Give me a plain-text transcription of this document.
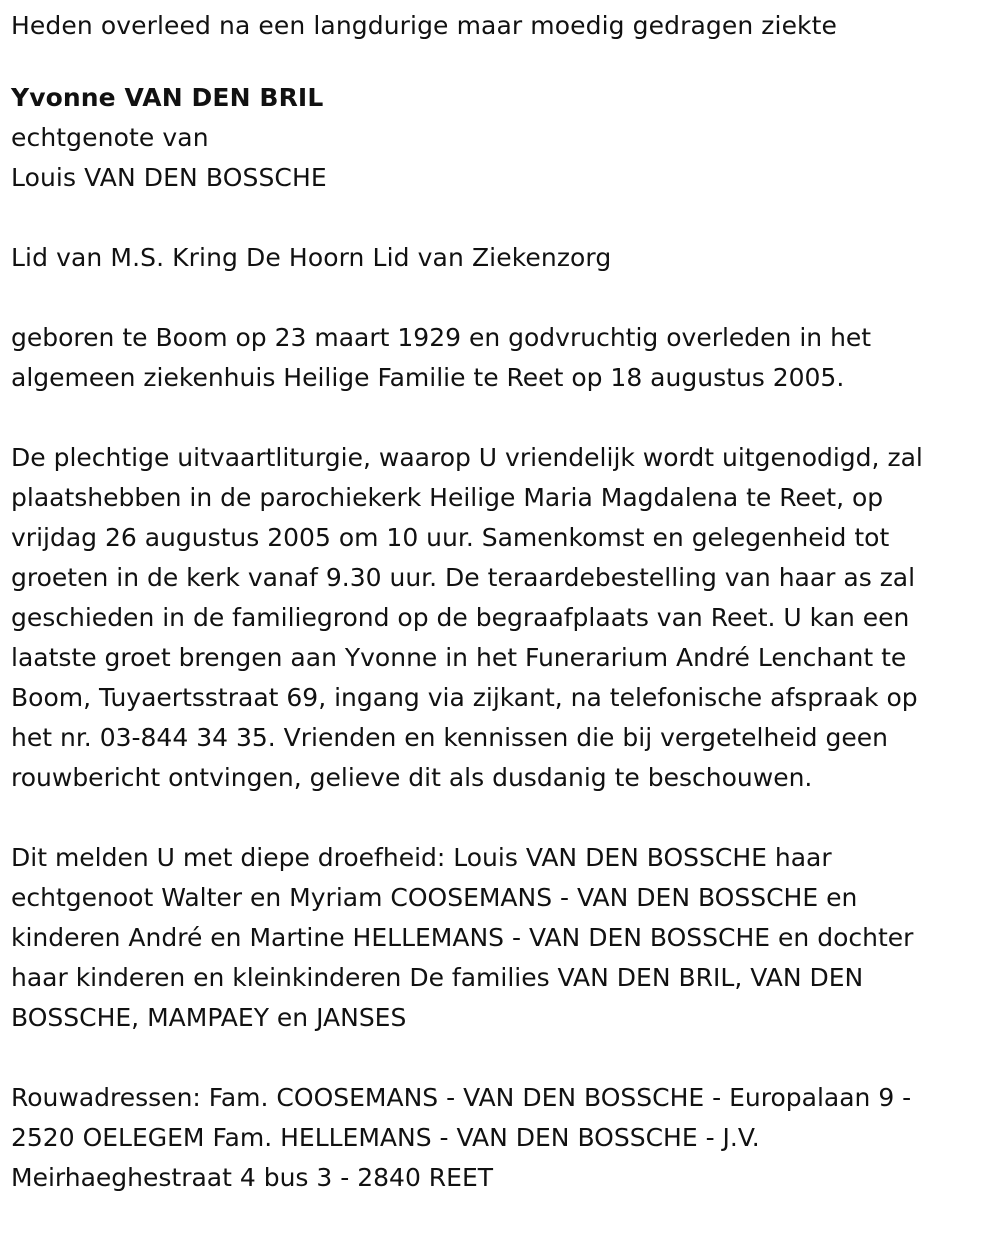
Heden overleed na een langdurige maar moedig gedragen ziekte

Yvonne VAN DEN BRIL

echtgenote van

Louis VAN DEN BOSSCHE

Lid van M.S. Kring De Hoorn Lid van Ziekenzorg

geboren te Boom op 23 maart 1929 en godvruchtig overleden in het
algemeen ziekenhuis Heilige Familie te Reet op 18 augustus 2005.
De plechtige uitvaartliturgie, waarop U vriendelijk wordt uitgenodigd, zal
plaatshebben in de parochiekerk Heilige Maria Magdalena te Reet, op
vrijdag 26 augustus 2005 om 10 uur. Samenkomst en gelegenheid tot
groeten in de kerk vanaf 9.30 uur. De teraardebestelling van haar as zal
geschieden in de familiegrond op de begraafplaats van Reet. U kan een
laatste groet brengen aan Yvonne in het Funerarium André Lenchant te
Boom, Tuyaertsstraat 69, ingang via zijkant, na telefonische afspraak op
het nr. 03-844 34 35. Vrienden en kennissen die bij vergetelheid geen
rouwbericht ontvingen, gelieve dit als dusdanig te beschouwen.
Dit melden U met diepe droefheid: Louis VAN DEN BOSSCHE haar
echtgenoot Walter en Myriam COOSEMANS - VAN DEN BOSSCHE en
kinderen André en Martine HELLEMANS - VAN DEN BOSSCHE en dochter
haar kinderen en kleinkinderen De families VAN DEN BRIL, VAN DEN
BOSSCHE, MAMPAEY en JANSES
Rouwadressen: Fam. COOSEMANS - VAN DEN BOSSCHE - Europalaan 9 -
2520 OELEGEM Fam. HELLEMANS - VAN DEN BOSSCHE - J.V.
Meirhaeghestraat 4 bus 3 - 2840 REET
